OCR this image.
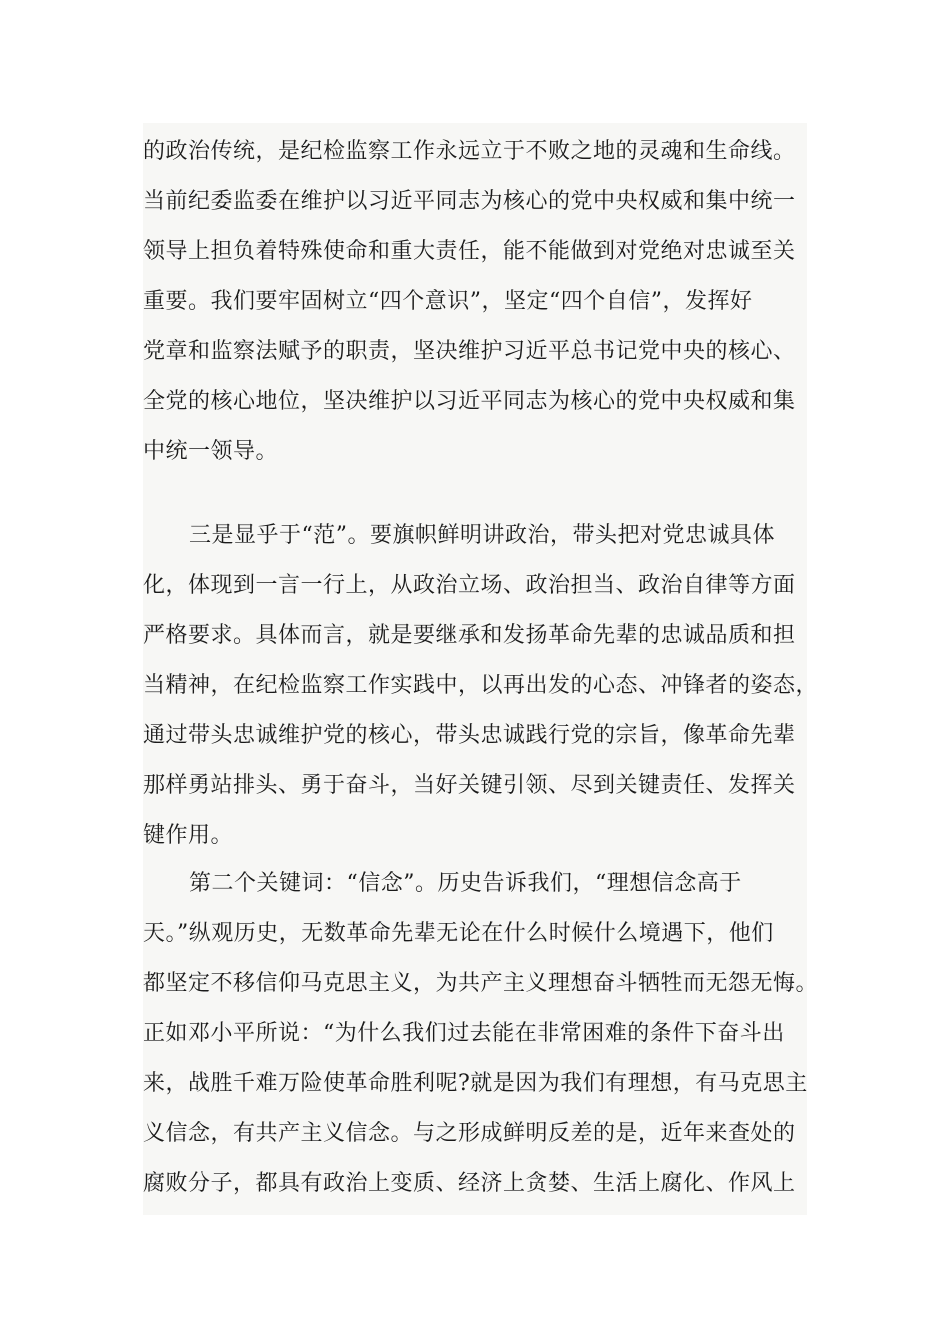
的政治传统，是纪检监察工作永远立于不败之地的灵魂和生命线。
当前纪委监委在维护以习近平同志为核心的党中央权威和集中统一
领导上担负着特殊使命和重大责任，能不能做到对党绝对忠诚至关
重要。我们要牢固树立“四个意识”，坚定“四个自信”，发挥好
党章和监察法赋予的职责，坚决维护习近平总书记党中央的核心、
全党的核心地位，坚决维护以习近平同志为核心的党中央权威和集
中统一领导。
三是显乎于“范”。要旗帜鲜明讲政治，带头把对党忠诚具体
化，体现到一言一行上，从政治立场、政治担当、政治自律等方面
严格要求。具体而言，就是要继承和发扬革命先辈的忠诚品质和担
当精神，在纪检监察工作实践中，以再出发的心态、冲锋者的姿态，
通过带头忠诚维护党的核心，带头忠诚践行党的宗旨，像革命先辈
那样勇站排头、勇于奋斗，当好关键引领、尽到关键责任、发挥关
键作用。
第二个关键词：“信念”。历史告诉我们，“理想信念高于
天。”纵观历史，无数革命先辈无论在什么时候什么境遇下，他们
都坚定不移信仰马克思主义，为共产主义理想奋斗牺牲而无怨无悔。
正如邓小平所说：“为什么我们过去能在非常困难的条件下奋斗出
来，战胜千难万险使革命胜利呢?就是因为我们有理想，有马克思主
义信念，有共产主义信念。与之形成鲜明反差的是，近年来查处的
腐败分子，都具有政治上变质、经济上贪婪、生活上腐化、作风上
